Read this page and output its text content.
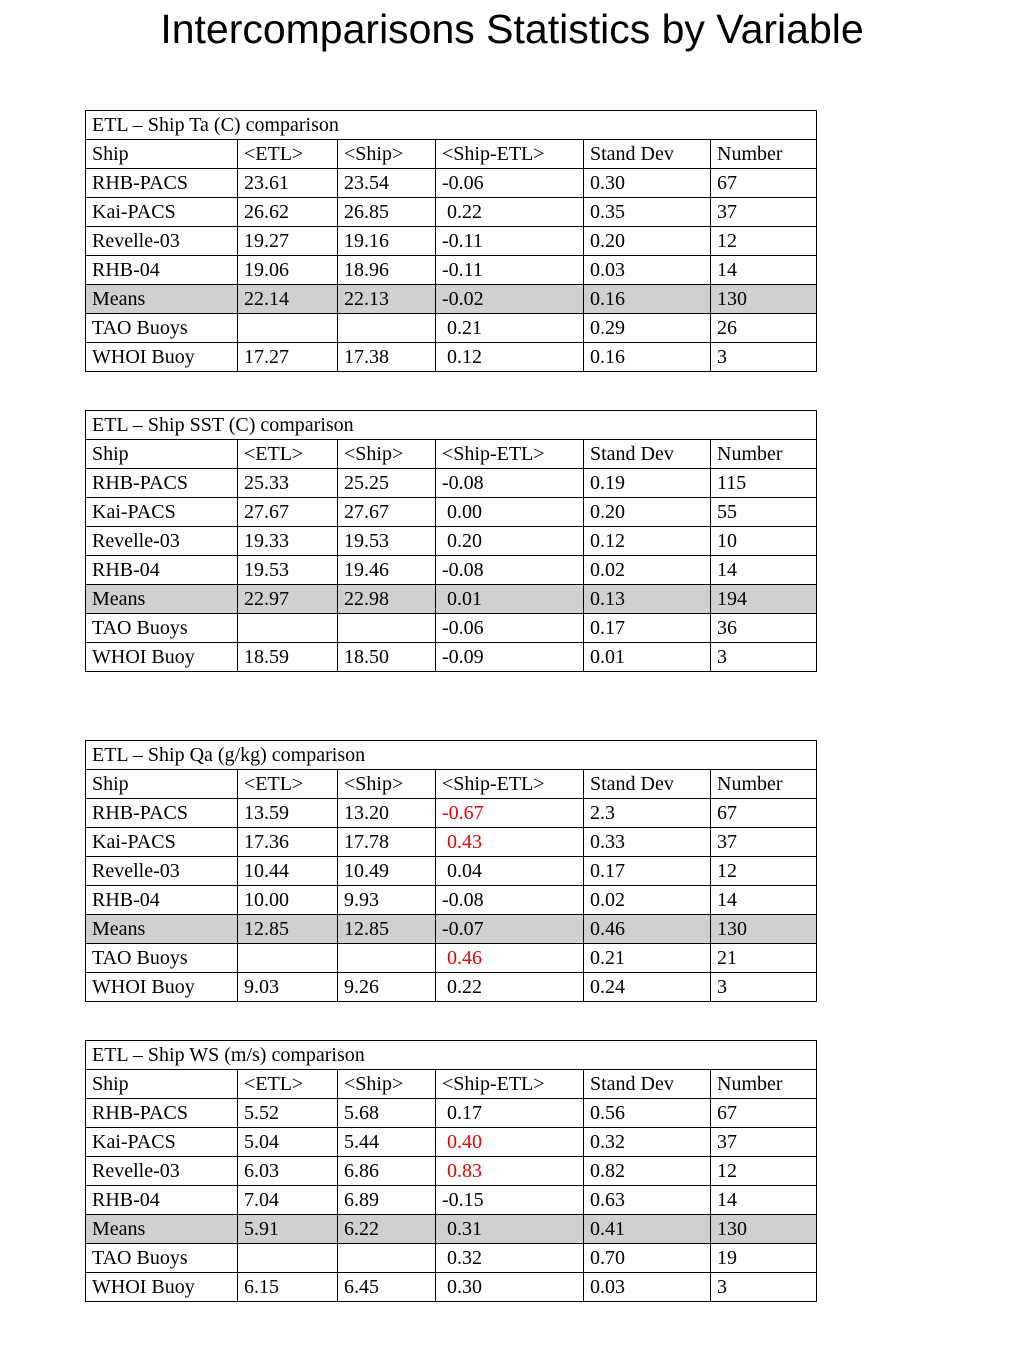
Intercomparisons Statistics by Variable
ETL – Ship Ta (C) comparison					
Ship	<ETL>	<Ship>	<Ship-ETL>	Stand Dev	Number
RHB-PACS	23.61	23.54	-0.06	0.30	67
Kai-PACS	26.62	26.85	0.22	0.35	37
Revelle-03	19.27	19.16	-0.11	0.20	12
RHB-04	19.06	18.96	-0.11	0.03	14
Means	22.14	22.13	-0.02	0.16	130
TAO Buoys			0.21	0.29	26
WHOI Buoy	17.27	17.38	0.12	0.16	3
ETL – Ship SST (C) comparison					
Ship	<ETL>	<Ship>	<Ship-ETL>	Stand Dev	Number
RHB-PACS	25.33	25.25	-0.08	0.19	115
Kai-PACS	27.67	27.67	0.00	0.20	55
Revelle-03	19.33	19.53	0.20	0.12	10
RHB-04	19.53	19.46	-0.08	0.02	14
Means	22.97	22.98	0.01	0.13	194
TAO Buoys			-0.06	0.17	36
WHOI Buoy	18.59	18.50	-0.09	0.01	3
ETL – Ship Qa (g/kg) comparison					
Ship	<ETL>	<Ship>	<Ship-ETL>	Stand Dev	Number
RHB-PACS	13.59	13.20	-0.67	2.3	67
Kai-PACS	17.36	17.78	0.43	0.33	37
Revelle-03	10.44	10.49	0.04	0.17	12
RHB-04	10.00	9.93	-0.08	0.02	14
Means	12.85	12.85	-0.07	0.46	130
TAO Buoys			0.46	0.21	21
WHOI Buoy	9.03	9.26	0.22	0.24	3
ETL – Ship WS (m/s) comparison					
Ship	<ETL>	<Ship>	<Ship-ETL>	Stand Dev	Number
RHB-PACS	5.52	5.68	0.17	0.56	67
Kai-PACS	5.04	5.44	0.40	0.32	37
Revelle-03	6.03	6.86	0.83	0.82	12
RHB-04	7.04	6.89	-0.15	0.63	14
Means	5.91	6.22	0.31	0.41	130
TAO Buoys			0.32	0.70	19
WHOI Buoy	6.15	6.45	0.30	0.03	3
